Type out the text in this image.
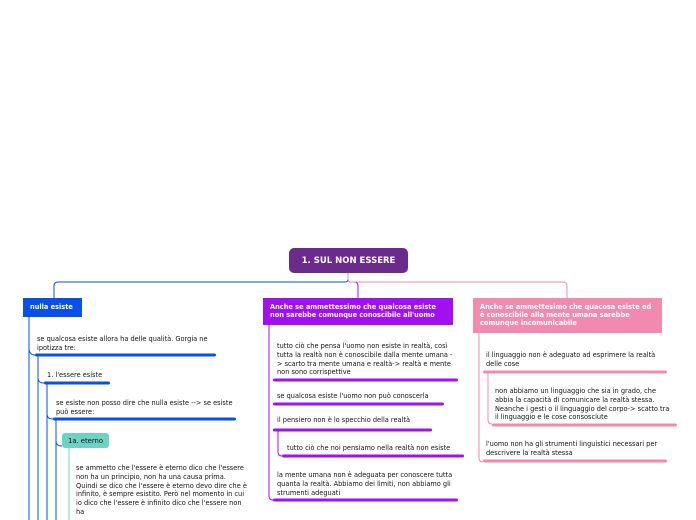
1. SUL NON ESSERE
nulla esiste
se qualcosa esiste allora ha delle qualità. Gorgia ne ipotizza tre:
1. l'essere esiste
se esiste non posso dire che nulla esiste --> se esiste può essere:
1a. eterno
se ammetto che l'essere è eterno dico che l'essere non ha un principio, non ha una causa prima. Quindi se dico che l'essere è eterno devo dire che è infinito, è sempre esistito. Però nel momento in cui io dico che l'essere è infinito dico che l'essere non ha
Anche se ammettessimo che qualcosa esiste non sarebbe comunque conoscibile all'uomo
tutto ciò che pensa l'uomo non esiste in realtà, così tutta la realtà non è conoscibile dalla mente umana -> scarto tra mente umana e realtà-> realtà e mente non sono corrispettive
se qualcosa esiste l'uomo non può conoscerla
il pensiero non è lo specchio della realtà
tutto ciò che noi pensiamo nella realtà non esiste
la mente umana non è adeguata per conoscere tutta quanta la realtà. Abbiamo dei limiti, non abbiamo gli strumenti adeguati
Anche se ammettesimo che quacosa esiste ed è conoscibile alla mente umana sarebbe comunque incomunicabile
il linguaggio non è adeguato ad esprimere la realtà delle cose
non abbiamo un linguaggio che sia in grado, che abbia la capacità di comunicare la realtà stessa. Neanche i gesti o il linguaggio del corpo-> scatto tra il linguaggio e le cose consosciute
l'uomo non ha gli strumenti linguistici necessari per descrivere la realtà stessa
